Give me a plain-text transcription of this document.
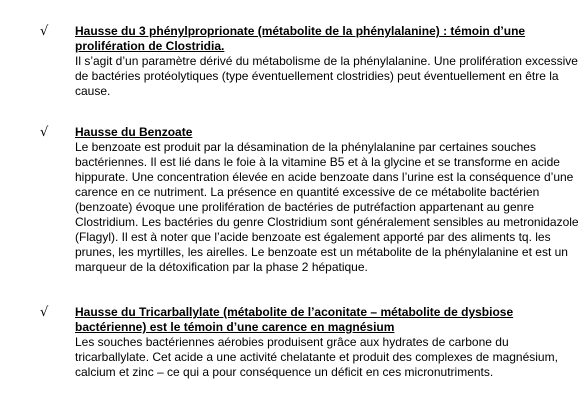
√	Hausse du 3 phénylproprionate (métabolite de la phénylalanine) : témoin d’une prolifération de Clostridia.

Il s’agit d’un paramètre dérivé du métabolisme de la phénylalanine. Une prolifération excessive de bactéries protéolytiques (type éventuellement clostridies) peut éventuellement en être la cause.

√	Hausse du Benzoate

Le benzoate est produit par la désamination de la phénylalanine par certaines souches bactériennes. Il est lié dans le foie à la vitamine B5 et à la glycine et se transforme en acide hippurate. Une concentration élevée en acide benzoate dans l’urine est la conséquence d’une carence en ce nutriment. La présence en quantité excessive de ce métabolite bactérien (benzoate) évoque une prolifération de bactéries de putréfaction appartenant au genre Clostridium. Les bactéries du genre Clostridium sont généralement sensibles au metronidazole (Flagyl). Il est à noter que l’acide benzoate est également apporté par des aliments tq. les prunes, les myrtilles, les airelles. Le benzoate est un métabolite de la phénylalanine et est un marqueur de la détoxification par la phase 2 hépatique.

√	Hausse du Tricarballylate (métabolite de l’aconitate – métabolite de dysbiose bactérienne) est le témoin d’une carence en magnésium

Les souches bactériennes aérobies produisent grâce aux hydrates de carbone du tricarballylate. Cet acide a une activité chelatante et produit des complexes de magnésium, calcium et zinc – ce qui a pour conséquence un déficit en ces micronutriments.
